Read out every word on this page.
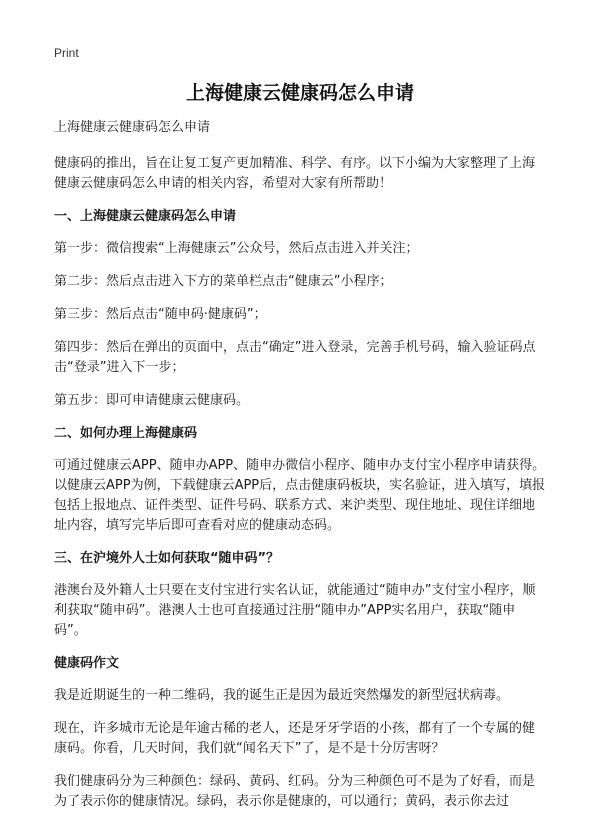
Print
上海健康云健康码怎么申请

上海健康云健康码怎么申请

健康码的推出，旨在让复工复产更加精准、科学、有序。以下小编为大家整理了上海健康云健康码怎么申请的相关内容，希望对大家有所帮助！

一、上海健康云健康码怎么申请

第一步：微信搜索“上海健康云”公众号，然后点击进入并关注；

第二步：然后点击进入下方的菜单栏点击“健康云”小程序；

第三步：然后点击“随申码·健康码”；

第四步：然后在弹出的页面中，点击“确定”进入登录，完善手机号码，输入验证码点击“登录”进入下一步；

第五步：即可申请健康云健康码。

二、如何办理上海健康码

可通过健康云APP、随申办APP、随申办微信小程序、随申办支付宝小程序申请获得。以健康云APP为例，下载健康云APP后，点击健康码板块，实名验证，进入填写，填报包括上报地点、证件类型、证件号码、联系方式、来沪类型、现住地址、现住详细地址内容，填写完毕后即可查看对应的健康动态码。

三、在沪境外人士如何获取“随申码”？

港澳台及外籍人士只要在支付宝进行实名认证，就能通过“随申办”支付宝小程序，顺利获取“随申码”。港澳人士也可直接通过注册“随申办”APP实名用户，获取“随申码”。

健康码作文

我是近期诞生的一种二维码，我的诞生正是因为最近突然爆发的新型冠状病毒。

现在，许多城市无论是年逾古稀的老人，还是牙牙学语的小孩，都有了一个专属的健康码。你看，几天时间，我们就“闻名天下”了，是不是十分厉害呀？

我们健康码分为三种颜色：绿码、黄码、红码。分为三种颜色可不是为了好看，而是为了表示你的健康情况。绿码，表示你是健康的，可以通行；黄码，表示你去过
